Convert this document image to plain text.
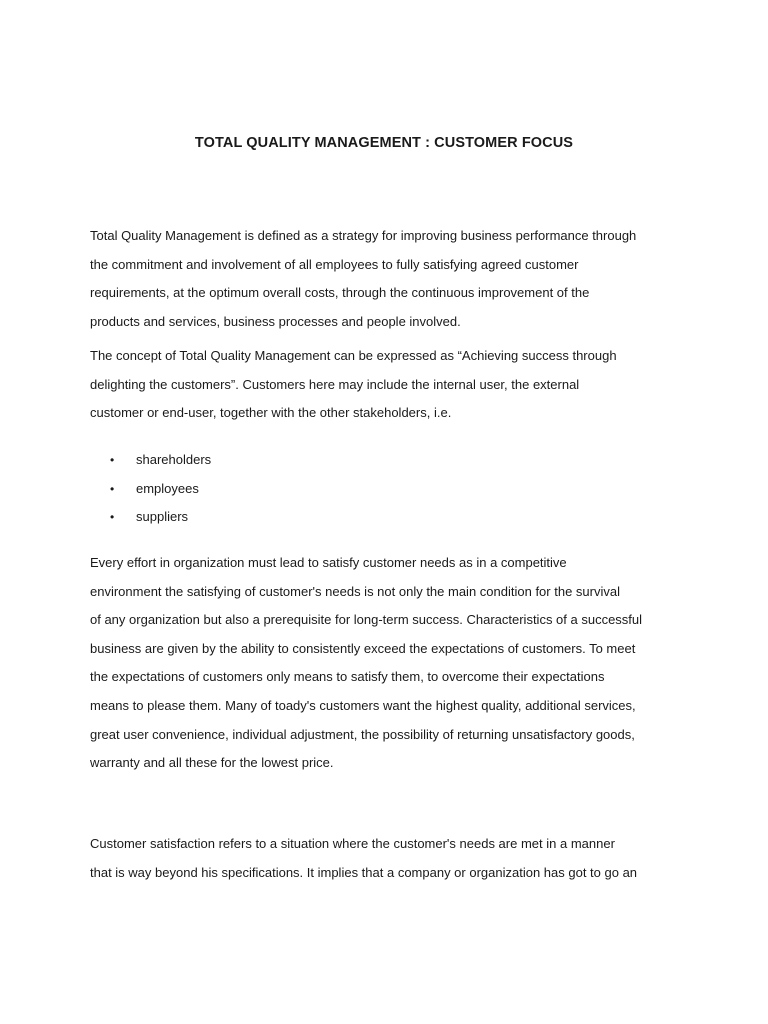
TOTAL QUALITY MANAGEMENT : CUSTOMER FOCUS

Total Quality Management is defined as a strategy for improving business performance through
the commitment and involvement of all employees to fully satisfying agreed customer
requirements, at the optimum overall costs, through the continuous improvement of the
products and services, business processes and people involved.

The concept of Total Quality Management can be expressed as “Achieving success through
delighting the customers”. Customers here may include the internal user, the external
customer or end-user, together with the other stakeholders, i.e.

• shareholders
• employees
• suppliers

Every effort in organization must lead to satisfy customer needs as in a competitive
environment the satisfying of customer's needs is not only the main condition for the survival
of any organization but also a prerequisite for long-term success. Characteristics of a successful
business are given by the ability to consistently exceed the expectations of customers. To meet
the expectations of customers only means to satisfy them, to overcome their expectations
means to please them. Many of toady's customers want the highest quality, additional services,
great user convenience, individual adjustment, the possibility of returning unsatisfactory goods,
warranty and all these for the lowest price.

Customer satisfaction refers to a situation where the customer's needs are met in a manner
that is way beyond his specifications. It implies that a company or organization has got to go an
